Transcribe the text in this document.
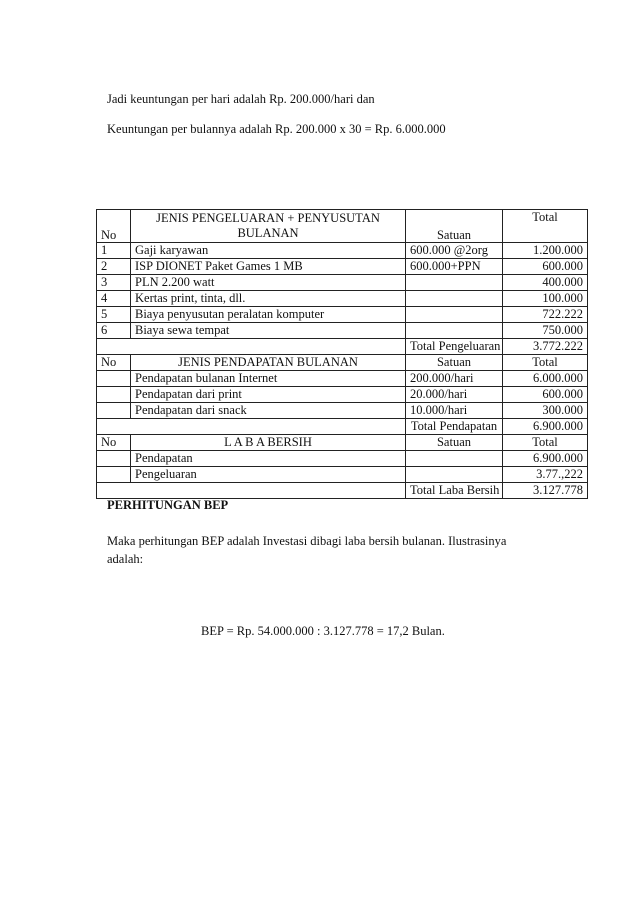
Jadi keuntungan per hari adalah Rp. 200.000/hari dan
Keuntungan per bulannya adalah Rp. 200.000 x 30 = Rp. 6.000.000
No	JENIS PENGELUARAN + PENYUSUTAN BULANAN	Satuan	Total
1	Gaji karyawan	600.000 @2org	1.200.000
2	ISP DIONET Paket Games 1 MB	600.000+PPN	600.000
3	PLN 2.200 watt		400.000
4	Kertas print, tinta, dll.		100.000
5	Biaya penyusutan peralatan komputer		722.222
6	Biaya sewa tempat		750.000
		Total Pengeluaran	3.772.222
No	JENIS PENDAPATAN BULANAN	Satuan	Total
	Pendapatan bulanan Internet	200.000/hari	6.000.000
	Pendapatan dari print	20.000/hari	600.000
	Pendapatan dari snack	10.000/hari	300.000
		Total Pendapatan	6.900.000
No	L A B A BERSIH	Satuan	Total
	Pendapatan		6.900.000
	Pengeluaran		3.77.,222
		Total Laba Bersih	3.127.778
PERHITUNGAN BEP
Maka perhitungan BEP adalah Investasi dibagi laba bersih bulanan. Ilustrasinya adalah:
BEP = Rp. 54.000.000 : 3.127.778 = 17,2 Bulan.
